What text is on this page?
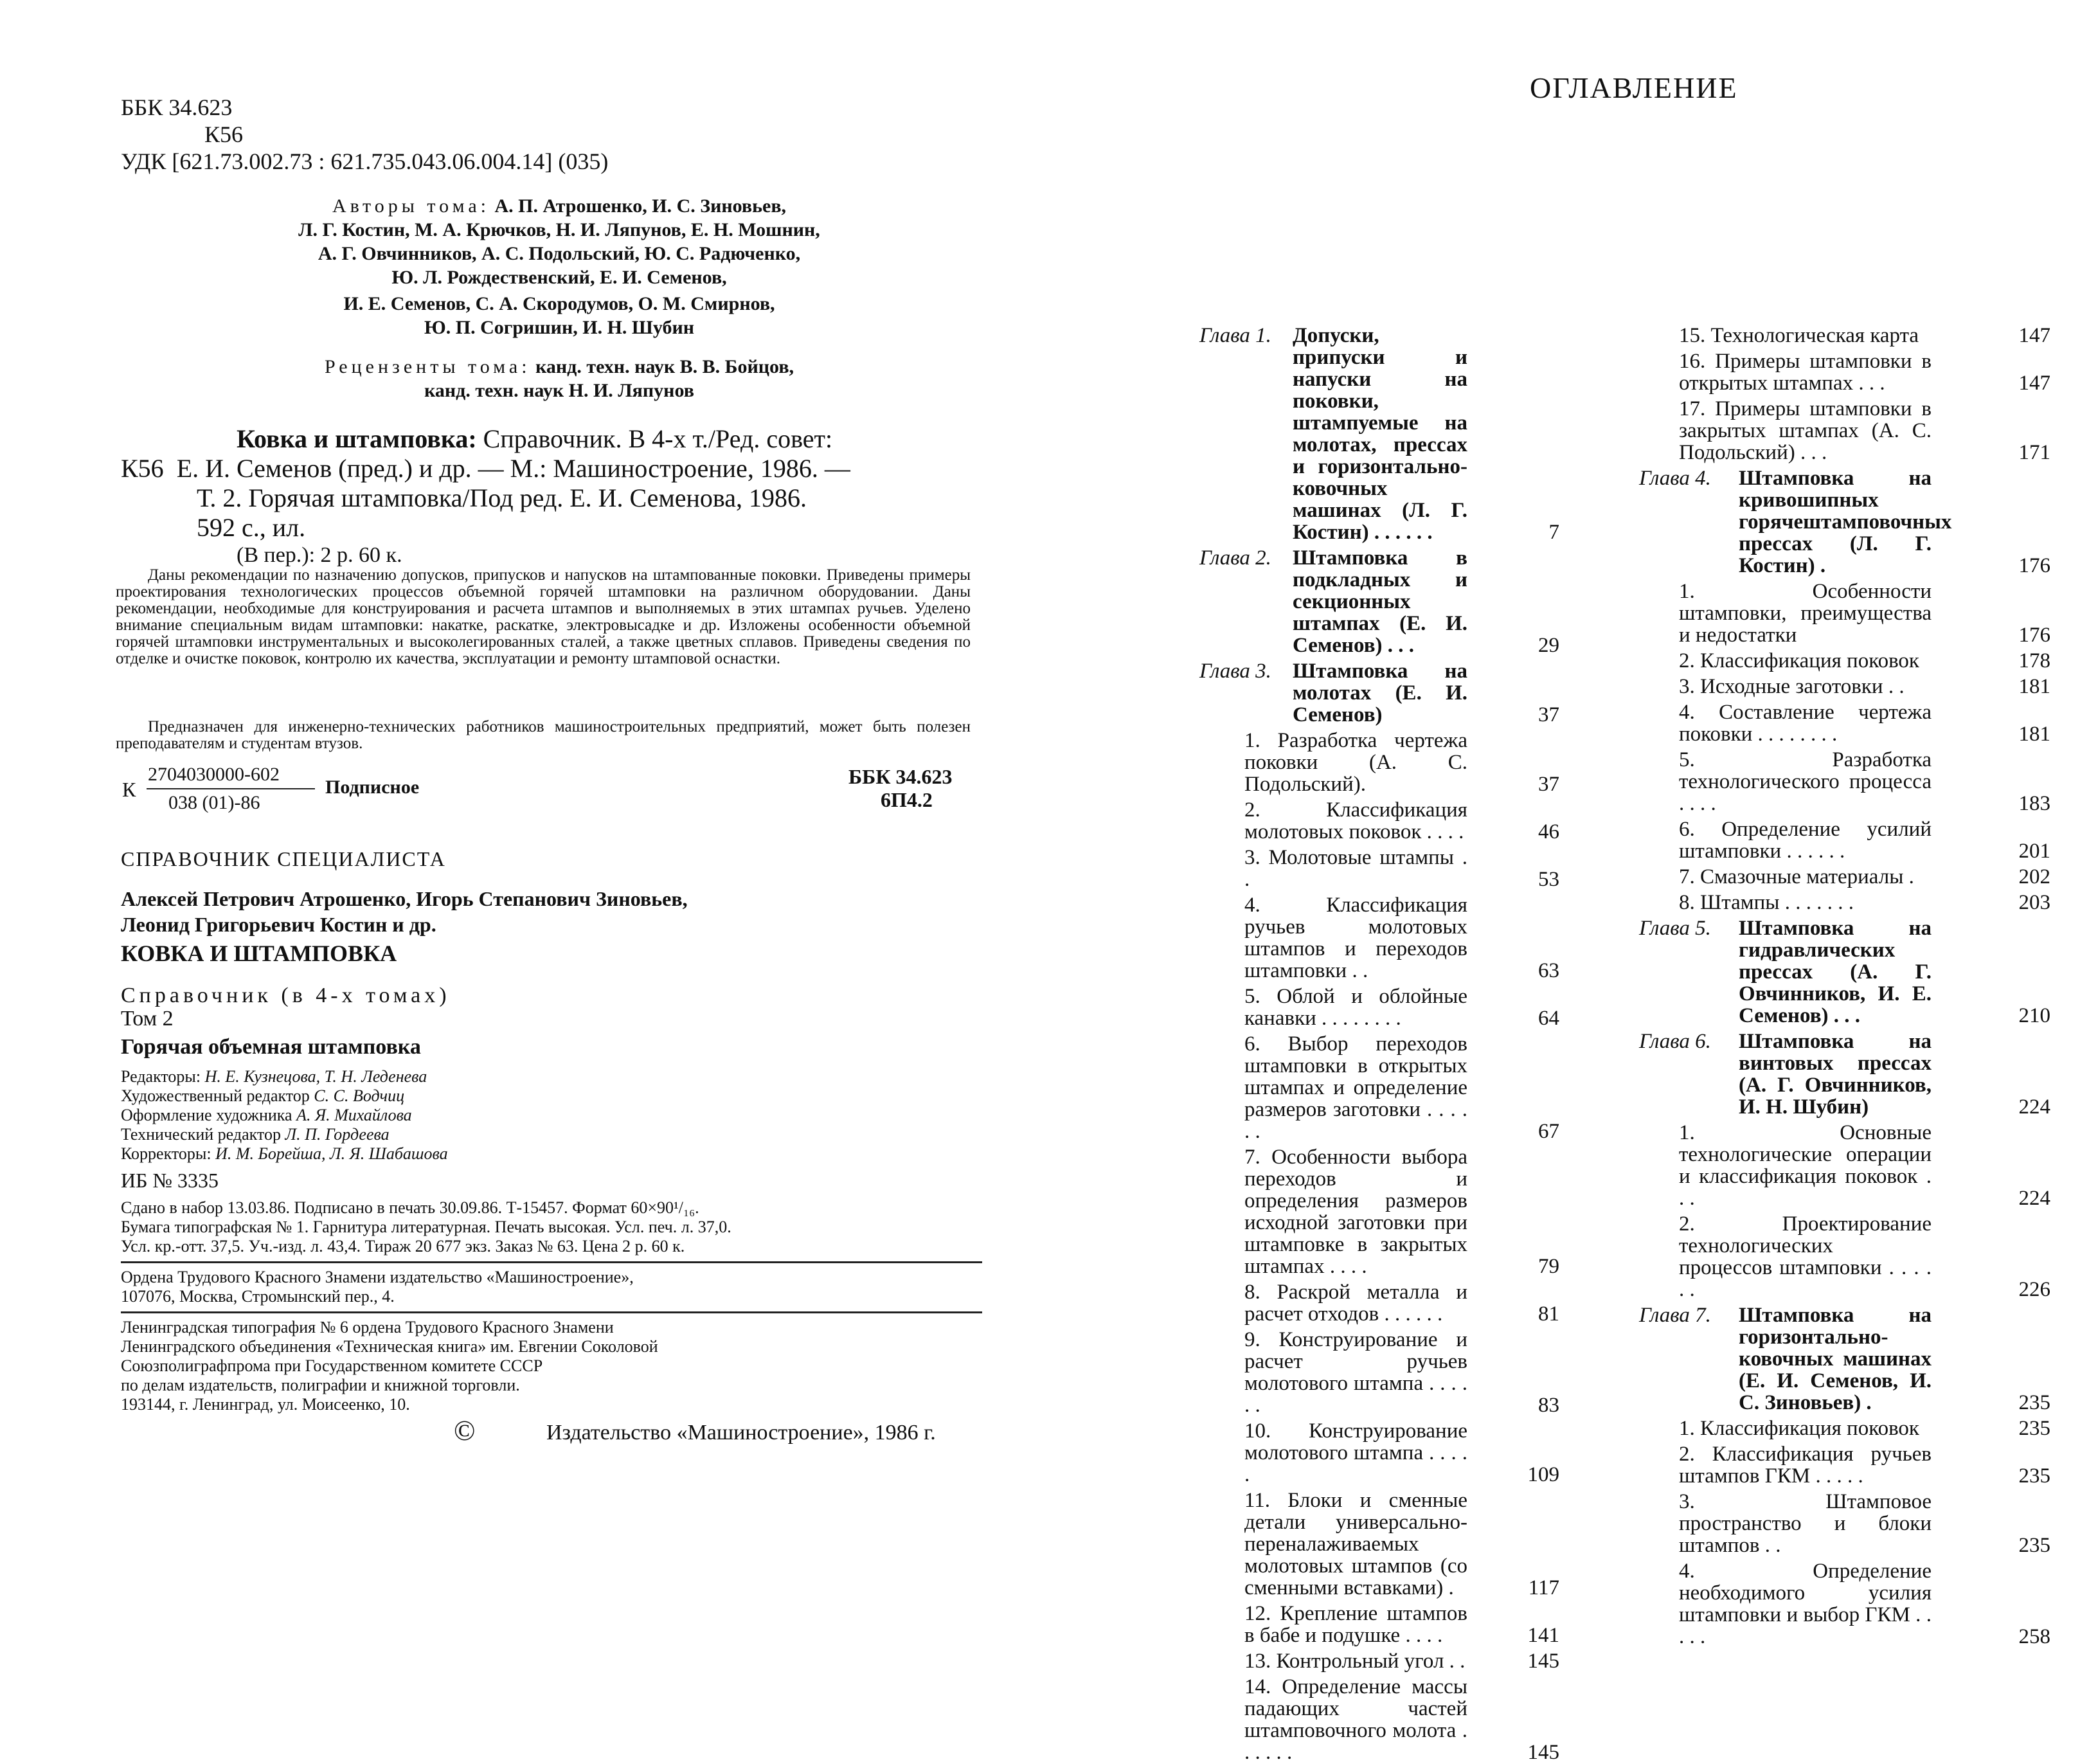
ББК 34.623
К56
УДК [621.73.002.73 : 621.735.043.06.004.14] (035)
Авторы тома: А. П. Атрошенко, И. С. Зиновьев,
Л. Г. Костин, М. А. Крючков, Н. И. Ляпунов, Е. Н. Мошнин,
А. Г. Овчинников, А. С. Подольский, Ю. С. Радюченко,
Ю. Л. Рождественский, Е. И. Семенов,
И. Е. Семенов, С. А. Скородумов, О. М. Смирнов,
Ю. П. Согришин, И. Н. Шубин
Рецензенты тома: канд. техн. наук В. В. Бойцов,
канд. техн. наук Н. И. Ляпунов
Ковка и штамповка: Справочник. В 4-х т./Ред. совет:
К56 Е. И. Семенов (пред.) и др. — М.: Машиностроение, 1986. —
Т. 2. Горячая штамповка/Под ред. Е. И. Семенова, 1986.
592 с., ил.
(В пер.): 2 р. 60 к.
Даны рекомендации по назначению допусков, припусков и напусков на штампованные поковки. Приведены примеры проектирования технологических процессов объемной горячей штамповки на различном оборудовании. Даны рекомендации, необходимые для конструирования и расчета штампов и выполняемых в этих штампах ручьев. Уделено внимание специальным видам штамповки: накатке, раскатке, электровысадке и др. Изложены особенности объемной горячей штамповки инструментальных и высоколегированных сталей, а также цветных сплавов. Приведены сведения по отделке и очистке поковок, контролю их качества, эксплуатации и ремонту штамповой оснастки.
Предназначен для инженерно-технических работников машиностроительных предприятий, может быть полезен преподавателям и студентам втузов.
К
2704030000-602
038 (01)-86
Подписное	ББК 34.623
6П4.2
СПРАВОЧНИК СПЕЦИАЛИСТА
Алексей Петрович Атрошенко, Игорь Степанович Зиновьев,
Леонид Григорьевич Костин и др.
КОВКА И ШТАМПОВКА
Справочник (в 4-х томах)
Том 2
Горячая объемная штамповка
Редакторы: Н. Е. Кузнецова, Т. Н. Леденева
Художественный редактор С. С. Водчиц
Оформление художника А. Я. Михайлова
Технический редактор Л. П. Гордеева
Корректоры: И. М. Борейша, Л. Я. Шабашова
ИБ № 3335
Сдано в набор 13.03.86. Подписано в печать 30.09.86. Т-15457. Формат 60×90¹/₁₆.
Бумага типографская № 1. Гарнитура литературная. Печать высокая. Усл. печ. л. 37,0.
Усл. кр.-отт. 37,5. Уч.-изд. л. 43,4. Тираж 20 677 экз. Заказ № 63. Цена 2 р. 60 к.
Ордена Трудового Красного Знамени издательство «Машиностроение»,
107076, Москва, Стромынский пер., 4.
Ленинградская типография № 6 ордена Трудового Красного Знамени
Ленинградского объединения «Техническая книга» им. Евгении Соколовой
Союзполиграфпрома при Государственном комитете СССР
по делам издательств, полиграфии и книжной торговли.
193144, г. Ленинград, ул. Моисеенко, 10.
©	Издательство «Машиностроение», 1986 г.
ОГЛАВЛЕНИЕ
Глава 1. Допуски, припуски и напуски на поковки, штампуемые на молотах, прессах и горизонтально-ковочных машинах (Л. Г. Костин) . . . . . .	7
Глава 2. Штамповка в подкладных и секционных штампах (Е. И. Семенов) . . .	29
Глава 3. Штамповка на молотах (Е. И. Семенов)	37
1. Разработка чертежа поковки (А. С. Подольский).	37
2. Классификация молотовых поковок . . . .	46
3. Молотовые штампы . .	53
4. Классификация ручьев молотовых штампов и переходов штамповки . .	63
5. Облой и облойные канавки . . . . . . . .	64
6. Выбор переходов штамповки в открытых штампах и определение размеров заготовки . . . . . .	67
7. Особенности выбора переходов и определения размеров исходной заготовки при штамповке в закрытых штампах . . . .	79
8. Раскрой металла и расчет отходов . . . . . .	81
9. Конструирование и расчет ручьев молотового штампа . . . . . .	83
10. Конструирование молотового штампа . . . . .	109
11. Блоки и сменные детали универсально-переналаживаемых молотовых штампов (со сменными вставками) .	117
12. Крепление штампов в бабе и подушке . . . .	141
13. Контрольный угол . .	145
14. Определение массы падающих частей штамповочного молота . . . . . .	145
15. Технологическая карта	147
16. Примеры штамповки в открытых штампах . . .	147
17. Примеры штамповки в закрытых штампах (А. С. Подольский) . . .	171
Глава 4. Штамповка на кривошипных горячештамповочных прессах (Л. Г. Костин) .	176
1. Особенности штамповки, преимущества и недостатки	176
2. Классификация поковок	178
3. Исходные заготовки . .	181
4. Составление чертежа поковки . . . . . . . .	181
5. Разработка технологического процесса . . . .	183
6. Определение усилий штамповки . . . . . .	201
7. Смазочные материалы .	202
8. Штампы . . . . . . .	203
Глава 5. Штамповка на гидравлических прессах (А. Г. Овчинников, И. Е. Семенов) . . .	210
Глава 6. Штамповка на винтовых прессах (А. Г. Овчинников, И. Н. Шубин)	224
1. Основные технологические операции и классификация поковок . . .	224
2. Проектирование технологических процессов штамповки . . . . . .	226
Глава 7. Штамповка на горизонтально-ковочных машинах (Е. И. Семенов, И. С. Зиновьев) .	235
1. Классификация поковок	235
2. Классификация ручьев штампов ГКМ . . . . .	235
3. Штамповое пространство и блоки штампов . .	235
4. Определение необходимого усилия штамповки и выбор ГКМ . . . . .	258
